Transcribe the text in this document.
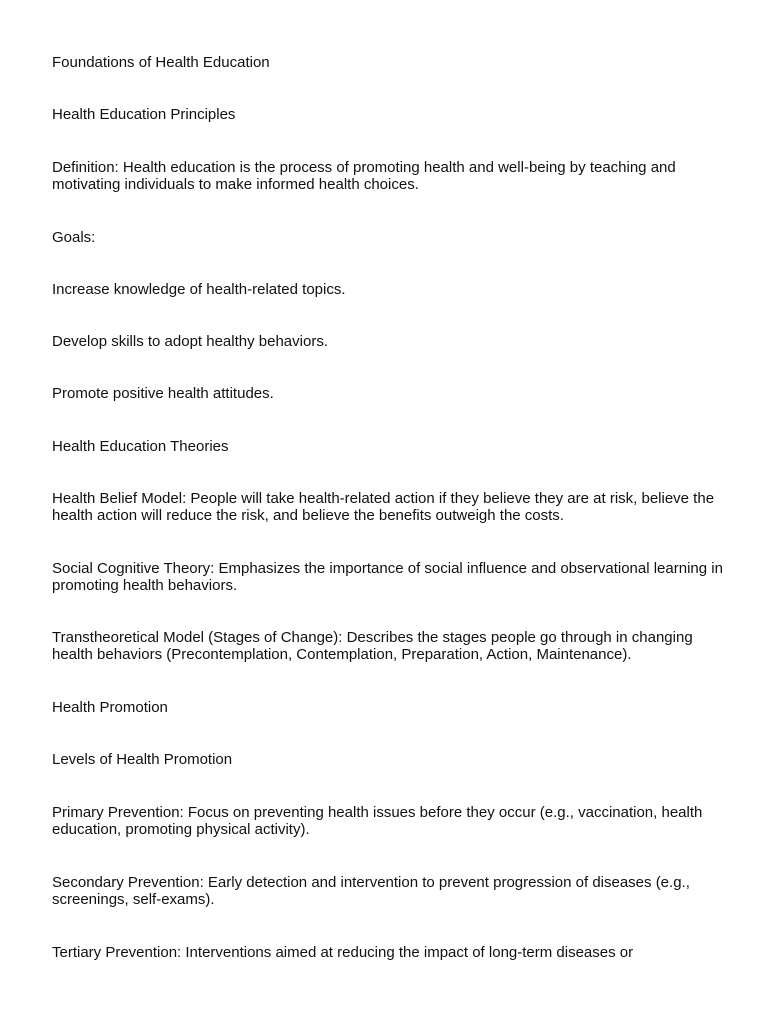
Foundations of Health Education

Health Education Principles

Definition: Health education is the process of promoting health and well-being by teaching and motivating individuals to make informed health choices.

Goals:

Increase knowledge of health-related topics.

Develop skills to adopt healthy behaviors.

Promote positive health attitudes.

Health Education Theories

Health Belief Model: People will take health-related action if they believe they are at risk, believe the health action will reduce the risk, and believe the benefits outweigh the costs.

Social Cognitive Theory: Emphasizes the importance of social influence and observational learning in promoting health behaviors.

Transtheoretical Model (Stages of Change): Describes the stages people go through in changing health behaviors (Precontemplation, Contemplation, Preparation, Action, Maintenance).

Health Promotion

Levels of Health Promotion

Primary Prevention: Focus on preventing health issues before they occur (e.g., vaccination, health education, promoting physical activity).

Secondary Prevention: Early detection and intervention to prevent progression of diseases (e.g., screenings, self-exams).

Tertiary Prevention: Interventions aimed at reducing the impact of long-term diseases or
